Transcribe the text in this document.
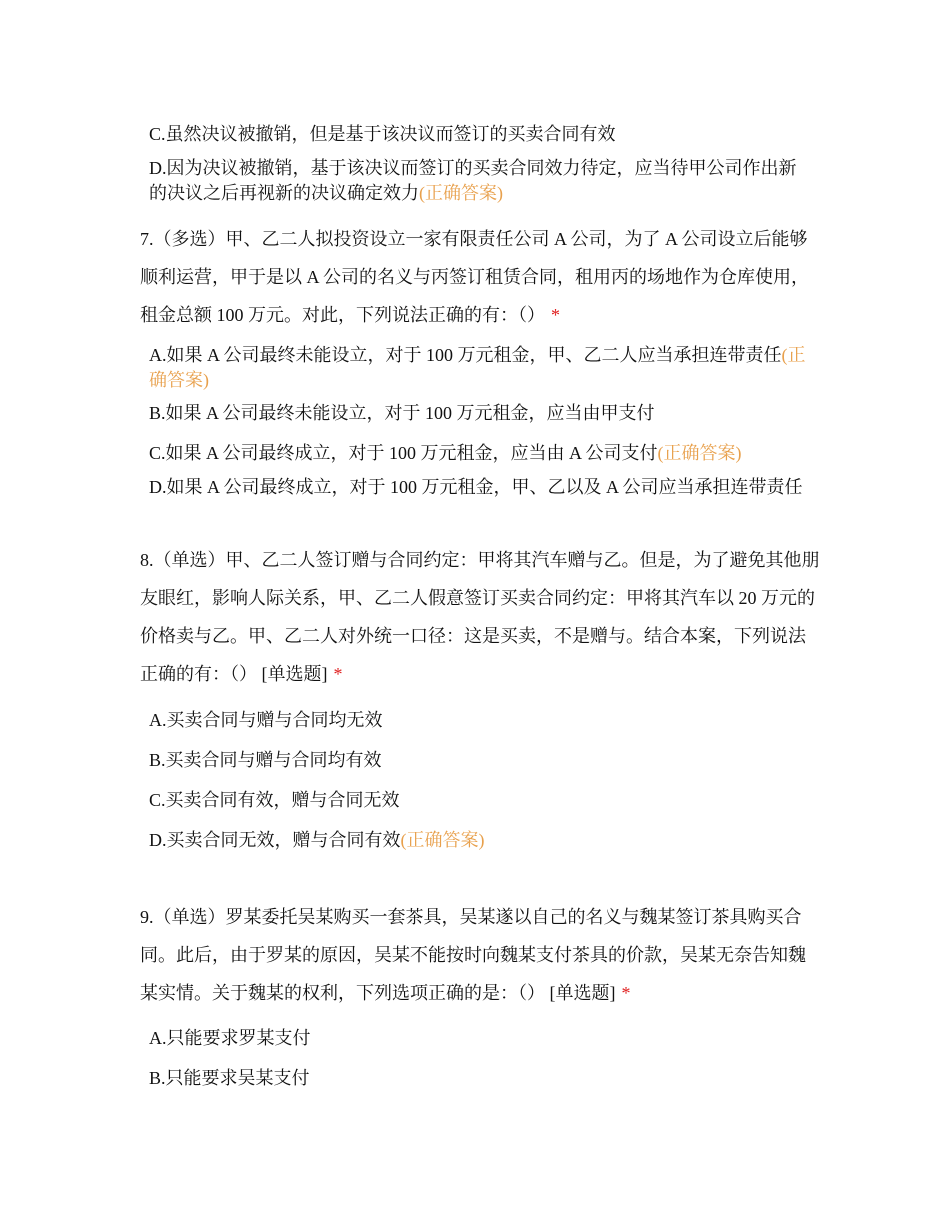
C.虽然决议被撤销，但是基于该决议而签订的买卖合同有效
D.因为决议被撤销，基于该决议而签订的买卖合同效力待定，应当待甲公司作出新的决议之后再视新的决议确定效力(正确答案)
7.（多选）甲、乙二人拟投资设立一家有限责任公司 A 公司，为了 A 公司设立后能够顺利运营，甲于是以 A 公司的名义与丙签订租赁合同，租用丙的场地作为仓库使用，租金总额 100 万元。对此，下列说法正确的有：（） *
A.如果 A 公司最终未能设立，对于 100 万元租金，甲、乙二人应当承担连带责任(正确答案)
B.如果 A 公司最终未能设立，对于 100 万元租金，应当由甲支付
C.如果 A 公司最终成立，对于 100 万元租金，应当由 A 公司支付(正确答案)
D.如果 A 公司最终成立，对于 100 万元租金，甲、乙以及 A 公司应当承担连带责任
8.（单选）甲、乙二人签订赠与合同约定：甲将其汽车赠与乙。但是，为了避免其他朋友眼红，影响人际关系，甲、乙二人假意签订买卖合同约定：甲将其汽车以 20 万元的价格卖与乙。甲、乙二人对外统一口径：这是买卖，不是赠与。结合本案，下列说法正确的有：（） [单选题] *
A.买卖合同与赠与合同均无效
B.买卖合同与赠与合同均有效
C.买卖合同有效，赠与合同无效
D.买卖合同无效，赠与合同有效(正确答案)
9.（单选）罗某委托吴某购买一套茶具，吴某遂以自己的名义与魏某签订茶具购买合同。此后，由于罗某的原因，吴某不能按时向魏某支付茶具的价款，吴某无奈告知魏某实情。关于魏某的权利，下列选项正确的是：（） [单选题] *
A.只能要求罗某支付
B.只能要求吴某支付
